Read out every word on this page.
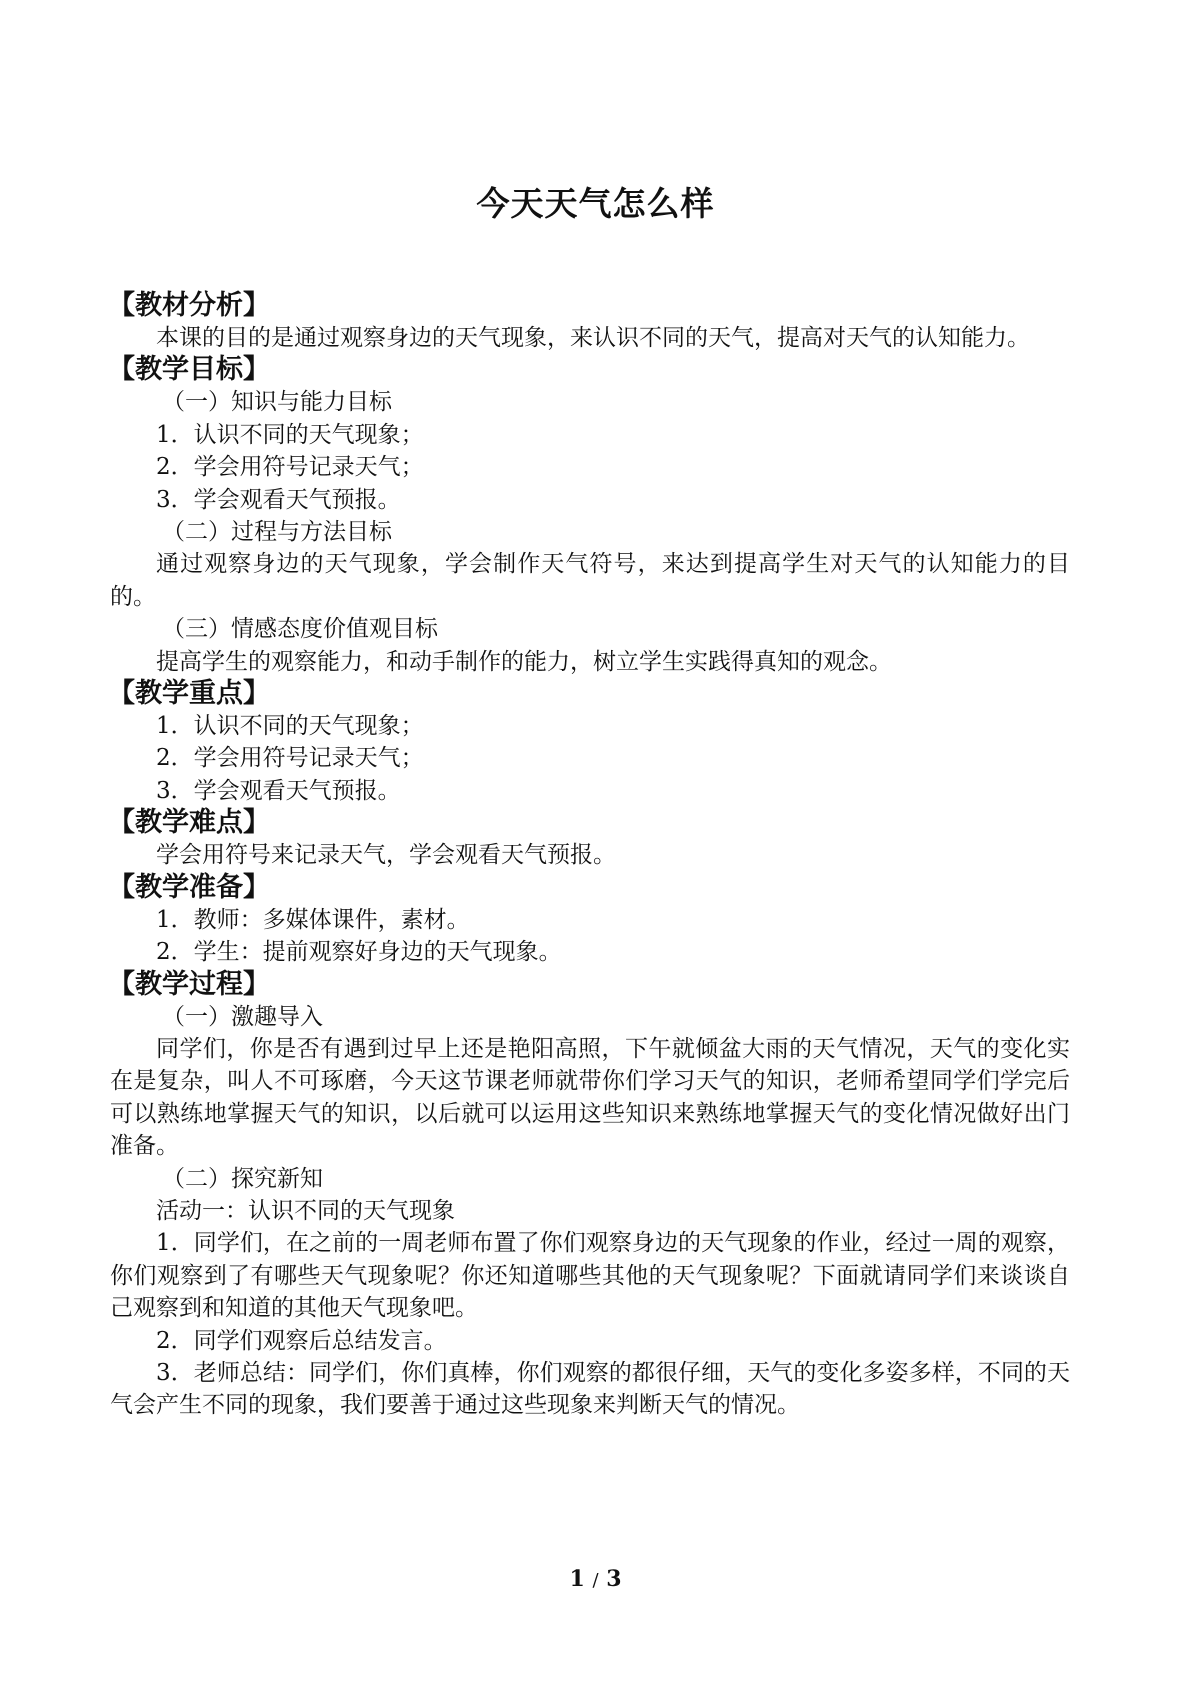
今天天气怎么样
【教材分析】
本课的目的是通过观察身边的天气现象，来认识不同的天气，提高对天气的认知能力。
【教学目标】
（一）知识与能力目标
1．认识不同的天气现象；
2．学会用符号记录天气；
3．学会观看天气预报。
（二）过程与方法目标
通过观察身边的天气现象，学会制作天气符号，来达到提高学生对天气的认知能力的目的。
（三）情感态度价值观目标
提高学生的观察能力，和动手制作的能力，树立学生实践得真知的观念。
【教学重点】
1．认识不同的天气现象；
2．学会用符号记录天气；
3．学会观看天气预报。
【教学难点】
学会用符号来记录天气，学会观看天气预报。
【教学准备】
1．教师：多媒体课件，素材。
2．学生：提前观察好身边的天气现象。
【教学过程】
（一）激趣导入
同学们，你是否有遇到过早上还是艳阳高照，下午就倾盆大雨的天气情况，天气的变化实在是复杂，叫人不可琢磨，今天这节课老师就带你们学习天气的知识，老师希望同学们学完后可以熟练地掌握天气的知识，以后就可以运用这些知识来熟练地掌握天气的变化情况做好出门准备。
（二）探究新知
活动一：认识不同的天气现象
1．同学们，在之前的一周老师布置了你们观察身边的天气现象的作业，经过一周的观察，你们观察到了有哪些天气现象呢？你还知道哪些其他的天气现象呢？下面就请同学们来谈谈自己观察到和知道的其他天气现象吧。
2．同学们观察后总结发言。
3．老师总结：同学们，你们真棒，你们观察的都很仔细，天气的变化多姿多样，不同的天气会产生不同的现象，我们要善于通过这些现象来判断天气的情况。
1 / 3
